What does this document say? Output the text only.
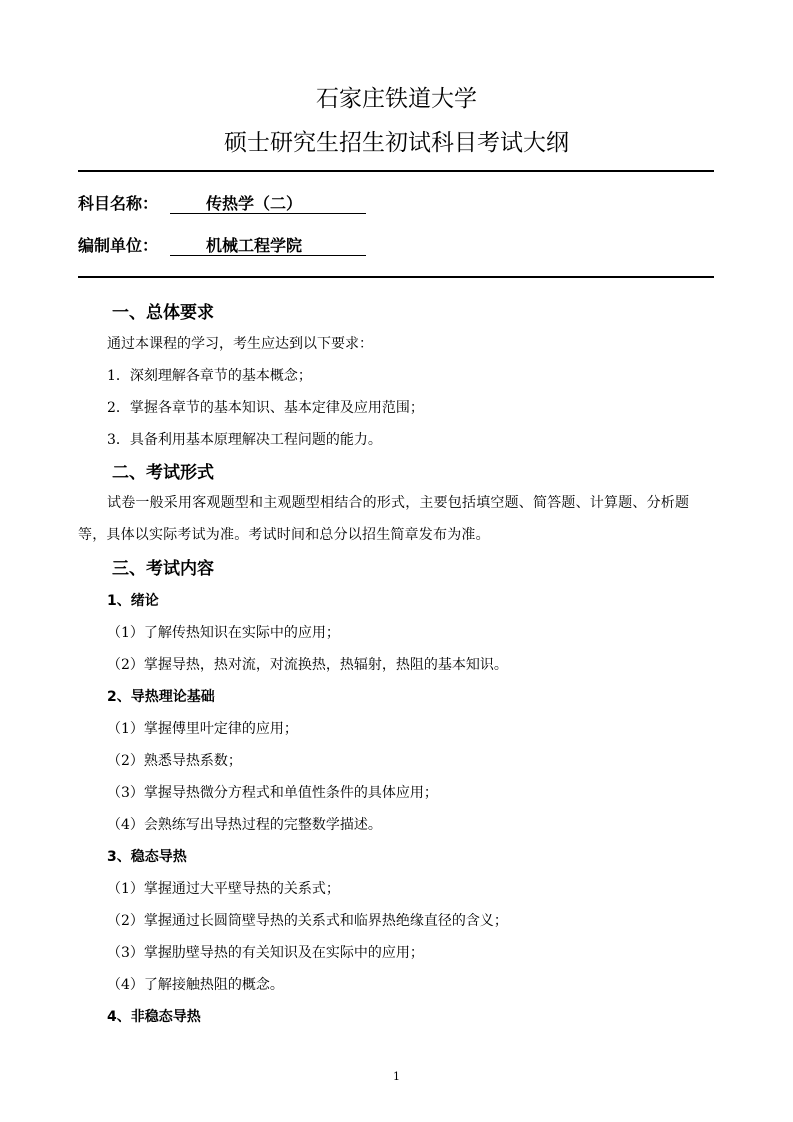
石家庄铁道大学
硕士研究生招生初试科目考试大纲
科目名称：	传热学（二）
编制单位：	机械工程学院
一、总体要求
通过本课程的学习，考生应达到以下要求：
1．深刻理解各章节的基本概念；
2．掌握各章节的基本知识、基本定律及应用范围；
3．具备利用基本原理解决工程问题的能力。
二、考试形式
试卷一般采用客观题型和主观题型相结合的形式，主要包括填空题、简答题、计算题、分析题等，具体以实际考试为准。考试时间和总分以招生简章发布为准。
三、考试内容
1、绪论
（1）了解传热知识在实际中的应用；
（2）掌握导热，热对流，对流换热，热辐射，热阻的基本知识。
2、导热理论基础
（1）掌握傅里叶定律的应用；
（2）熟悉导热系数；
（3）掌握导热微分方程式和单值性条件的具体应用；
（4）会熟练写出导热过程的完整数学描述。
3、稳态导热
（1）掌握通过大平壁导热的关系式；
（2）掌握通过长圆筒壁导热的关系式和临界热绝缘直径的含义；
（3）掌握肋壁导热的有关知识及在实际中的应用；
（4）了解接触热阻的概念。
4、非稳态导热
1
